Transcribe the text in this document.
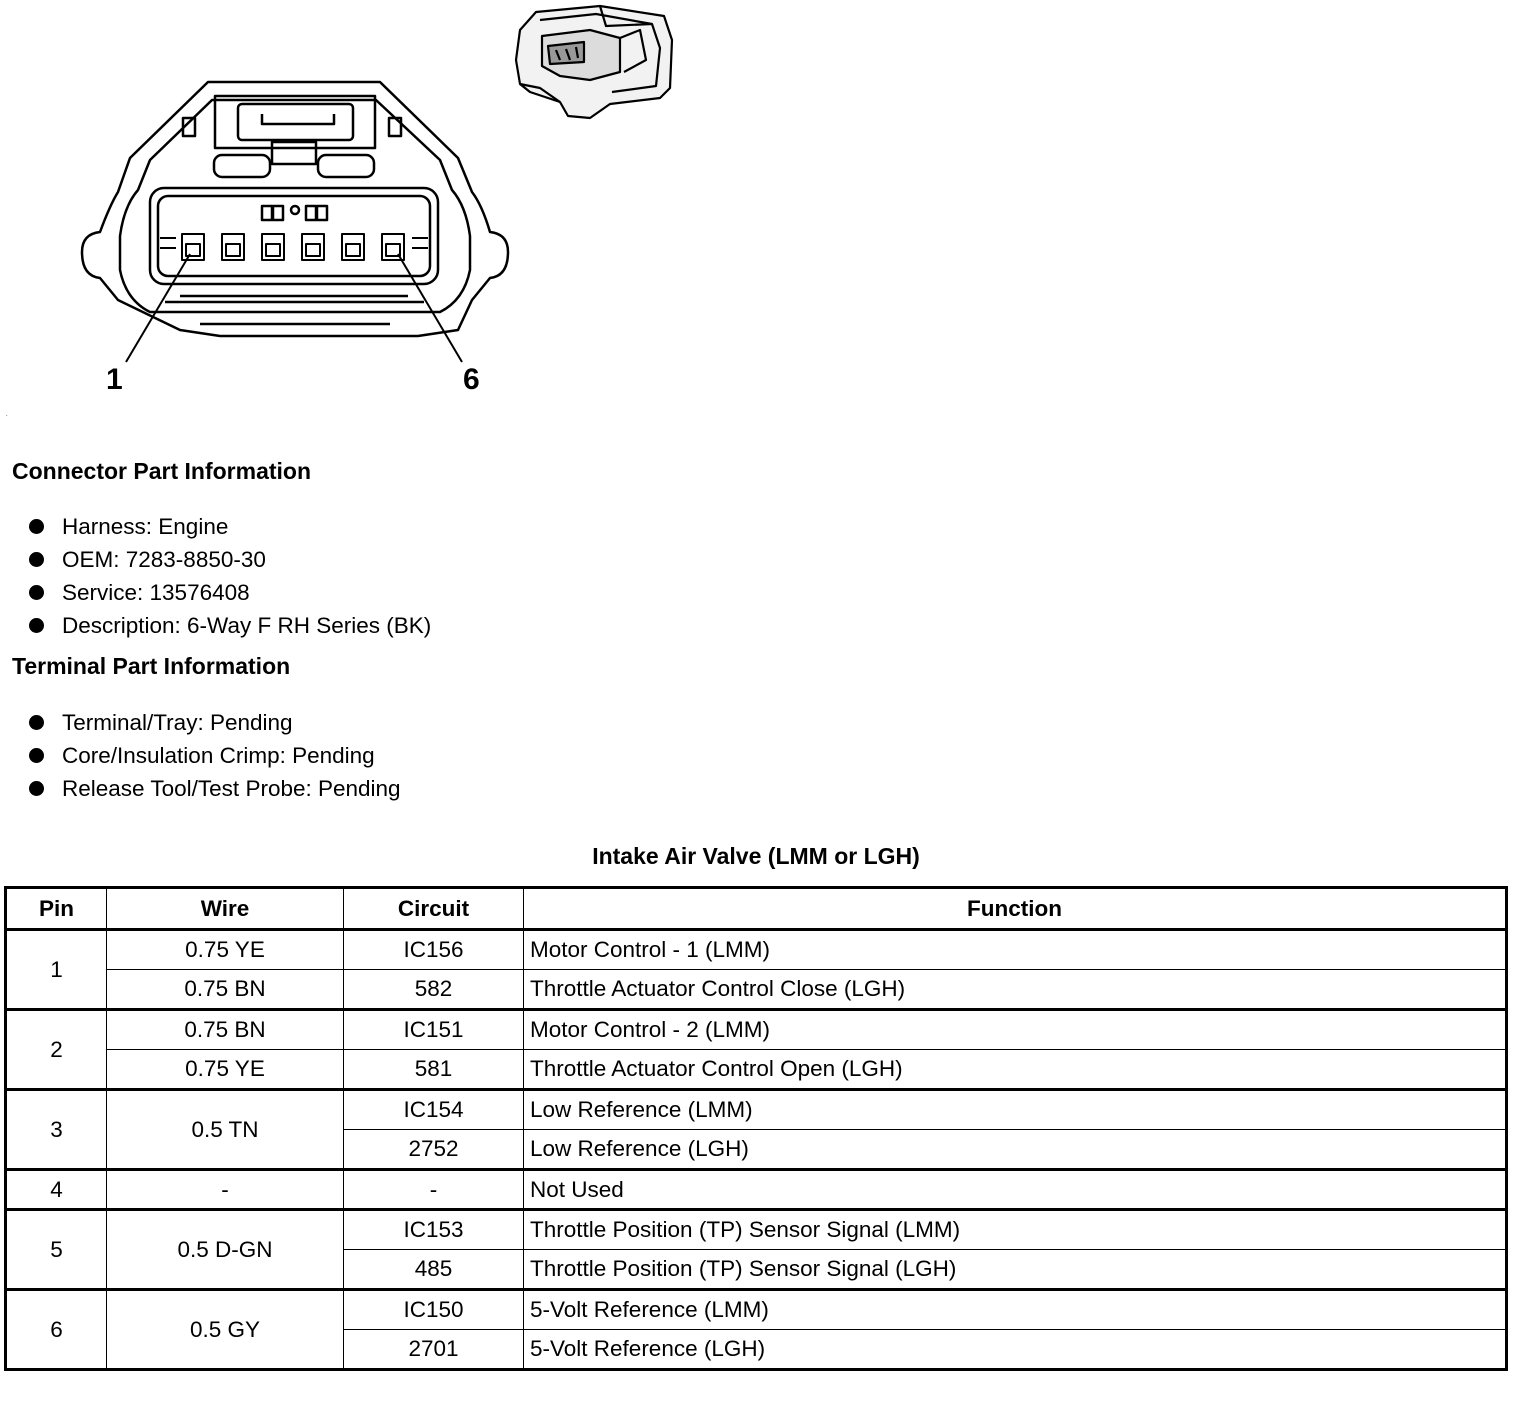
1	6
.
Connector Part Information
Harness: Engine
OEM: 7283-8850-30
Service: 13576408
Description: 6-Way F RH Series (BK)
Terminal Part Information
Terminal/Tray: Pending
Core/Insulation Crimp: Pending
Release Tool/Test Probe: Pending
Intake Air Valve (LMM or LGH)
Pin	Wire	Circuit	Function
1	0.75 YE	IC156	Motor Control - 1 (LMM)
	0.75 BN	582	Throttle Actuator Control Close (LGH)
2	0.75 BN	IC151	Motor Control - 2 (LMM)
	0.75 YE	581	Throttle Actuator Control Open (LGH)
3	0.5 TN	IC154	Low Reference (LMM)
		2752	Low Reference (LGH)
4	-	-	Not Used
5	0.5 D-GN	IC153	Throttle Position (TP) Sensor Signal (LMM)
		485	Throttle Position (TP) Sensor Signal (LGH)
6	0.5 GY	IC150	5-Volt Reference (LMM)
		2701	5-Volt Reference (LGH)
